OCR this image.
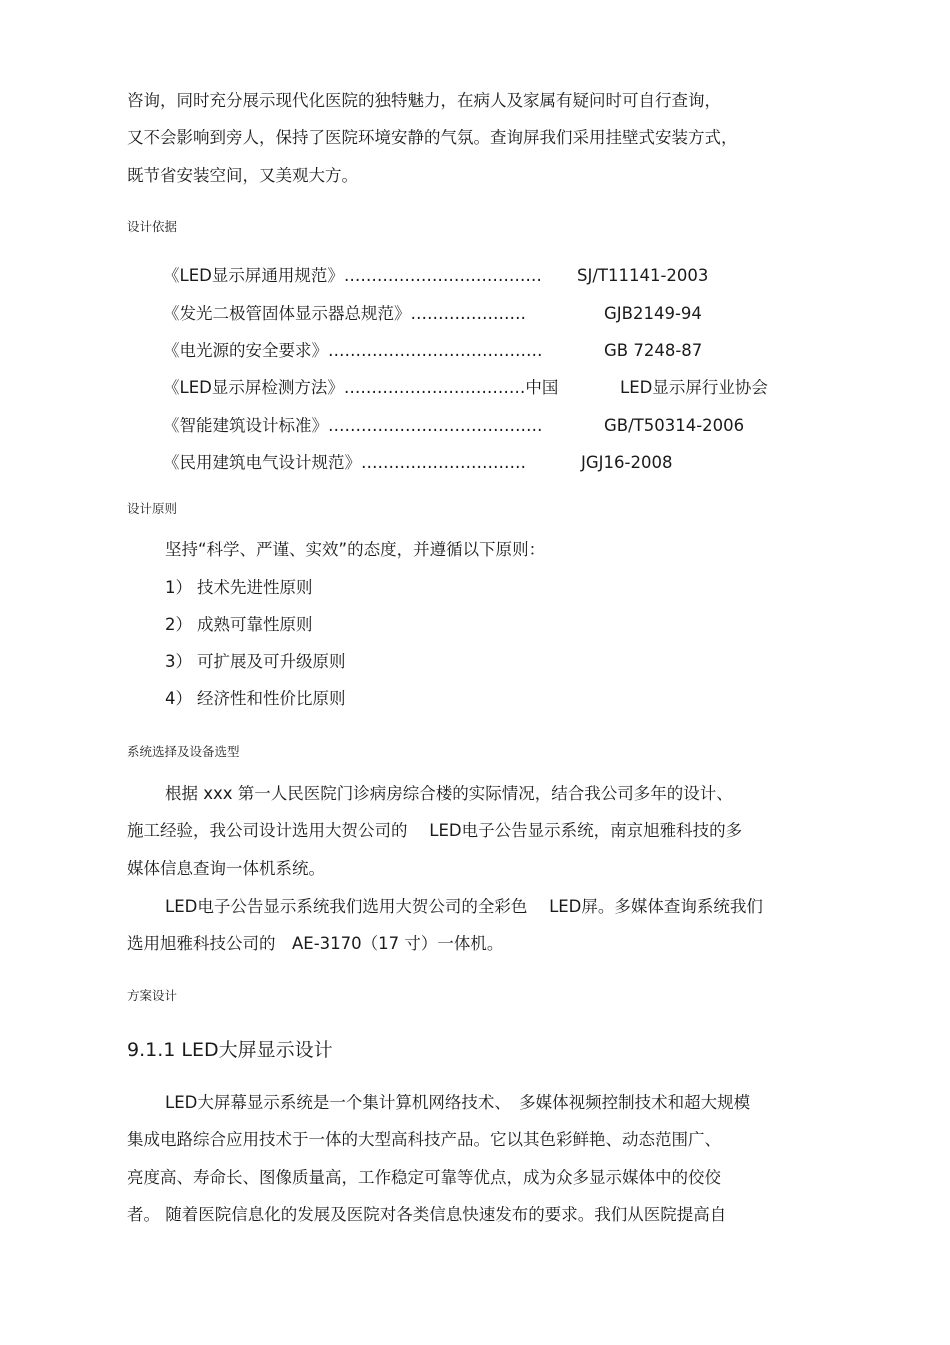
咨询，同时充分展示现代化医院的独特魅力，在病人及家属有疑问时可自行查询，
又不会影响到旁人，保持了医院环境安静的气氛。查询屏我们采用挂壁式安装方式，
既节省安装空间，又美观大方。
设计依据
《LED显示屏通用规范》……………………………… SJ/T11141-2003
《发光二极管固体显示器总规范》…………………	GJB2149-94
《电光源的安全要求》…………………………………	GB 7248-87
《LED显示屏检测方法》……………………………中国	LED显示屏行业协会
《智能建筑设计标准》…………………………………	GB/T50314-2006
《民用建筑电气设计规范》…………………………	JGJ16-2008
设计原则
坚持“科学、严谨、实效”的态度，并遵循以下原则：
1） 技术先进性原则
2） 成熟可靠性原则
3） 可扩展及可升级原则
4） 经济性和性价比原则
系统选择及设备选型
根据 xxx 第一人民医院门诊病房综合楼的实际情况，结合我公司多年的设计、
施工经验，我公司设计选用大贺公司的　 LED电子公告显示系统，南京旭雅科技的多
媒体信息查询一体机系统。
LED电子公告显示系统我们选用大贺公司的全彩色　 LED屏。多媒体查询系统我们
选用旭雅科技公司的　AE-3170（17 寸）一体机。
方案设计
9.1.1 LED大屏显示设计
LED大屏幕显示系统是一个集计算机网络技术、　多媒体视频控制技术和超大规模
集成电路综合应用技术于一体的大型高科技产品。它以其色彩鲜艳、动态范围广、
亮度高、寿命长、图像质量高，工作稳定可靠等优点，成为众多显示媒体中的佼佼
者。 随着医院信息化的发展及医院对各类信息快速发布的要求。我们从医院提高自
